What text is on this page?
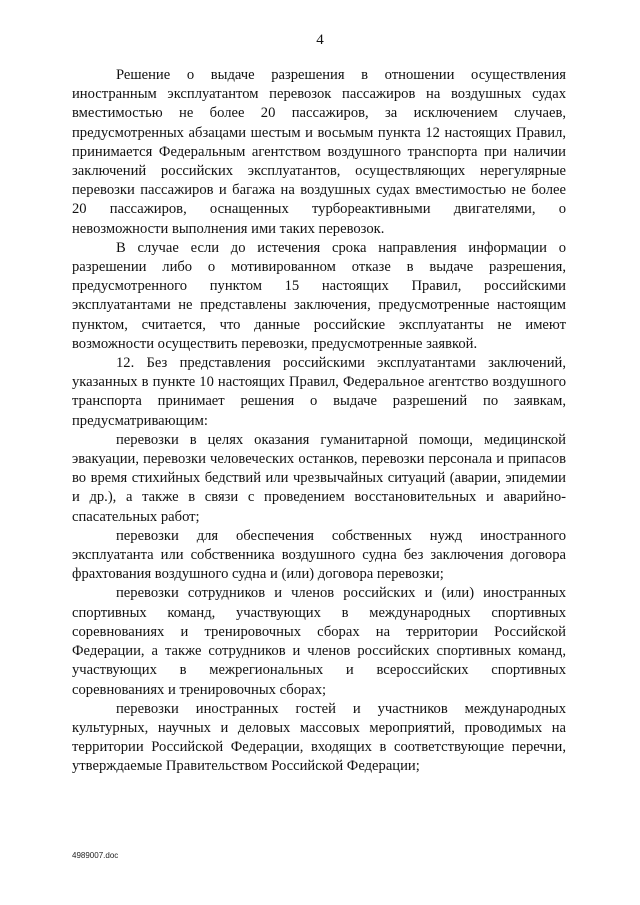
4

Решение о выдаче разрешения в отношении осуществления иностранным эксплуатантом перевозок пассажиров на воздушных судах вместимостью не более 20 пассажиров, за исключением случаев, предусмотренных абзацами шестым и восьмым пункта 12 настоящих Правил, принимается Федеральным агентством воздушного транспорта при наличии заключений российских эксплуатантов, осуществляющих нерегулярные перевозки пассажиров и багажа на воздушных судах вместимостью не более 20 пассажиров, оснащенных турбореактивными двигателями, о невозможности выполнения ими таких перевозок.

В случае если до истечения срока направления информации о разрешении либо о мотивированном отказе в выдаче разрешения, предусмотренного пунктом 15 настоящих Правил, российскими эксплуатантами не представлены заключения, предусмотренные настоящим пунктом, считается, что данные российские эксплуатанты не имеют возможности осуществить перевозки, предусмотренные заявкой.

12. Без представления российскими эксплуатантами заключений, указанных в пункте 10 настоящих Правил, Федеральное агентство воздушного транспорта принимает решения о выдаче разрешений по заявкам, предусматривающим:

перевозки в целях оказания гуманитарной помощи, медицинской эвакуации, перевозки человеческих останков, перевозки персонала и припасов во время стихийных бедствий или чрезвычайных ситуаций (аварии, эпидемии и др.), а также в связи с проведением восстановительных и аварийно-спасательных работ;

перевозки для обеспечения собственных нужд иностранного эксплуатанта или собственника воздушного судна без заключения договора фрахтования воздушного судна и (или) договора перевозки;

перевозки сотрудников и членов российских и (или) иностранных спортивных команд, участвующих в международных спортивных соревнованиях и тренировочных сборах на территории Российской Федерации, а также сотрудников и членов российских спортивных команд, участвующих в межрегиональных и всероссийских спортивных соревнованиях и тренировочных сборах;

перевозки иностранных гостей и участников международных культурных, научных и деловых массовых мероприятий, проводимых на территории Российской Федерации, входящих в соответствующие перечни, утверждаемые Правительством Российской Федерации;

4989007.doc
